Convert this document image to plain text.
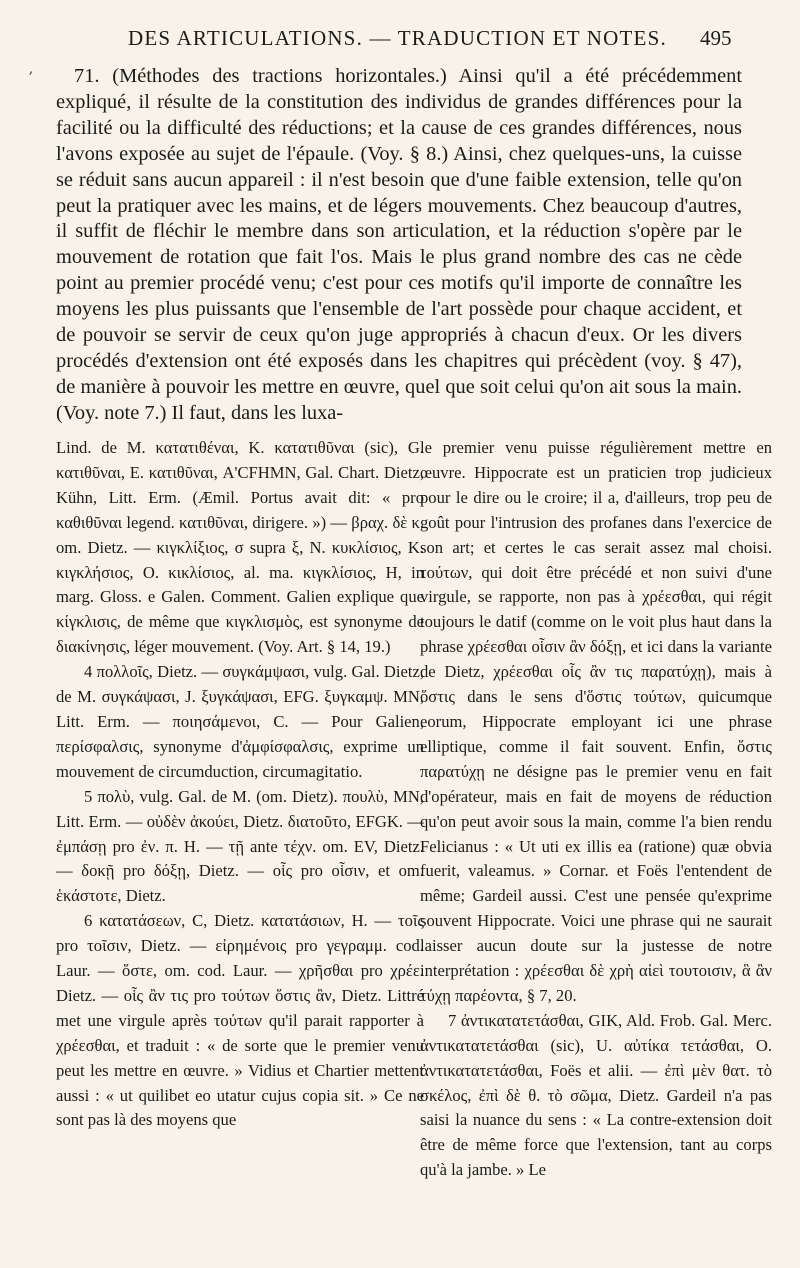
DES ARTICULATIONS. — TRADUCTION ET NOTES. 495
ʼ	71. (Méthodes des tractions horizontales.) Ainsi qu'il a été précédemment expliqué, il résulte de la constitution des individus de grandes différences pour la facilité ou la difficulté des réductions; et la cause de ces grandes différences, nous l'avons exposée au sujet de l'épaule. (Voy. § 8.) Ainsi, chez quelques-uns, la cuisse se réduit sans aucun appareil : il n'est besoin que d'une faible extension, telle qu'on peut la pratiquer avec les mains, et de légers mouvements. Chez beaucoup d'autres, il suffit de fléchir le membre dans son articulation, et la réduction s'opère par le mouvement de rotation que fait l'os. Mais le plus grand nombre des cas ne cède point au premier procédé venu; c'est pour ces motifs qu'il importe de connaître les moyens les plus puissants que l'ensemble de l'art possède pour chaque accident, et de pouvoir se servir de ceux qu'on juge appropriés à chacun d'eux. Or les divers procédés d'extension ont été exposés dans les chapitres qui précèdent (voy. § 47), de manière à pouvoir les mettre en œuvre, quel que soit celui qu'on ait sous la main. (Voy. note 7.) Il faut, dans les luxa-

Lind. de M. κατατιθέναι, K. κατατιθῦναι (sic), G. κατιθῦναι, E. κατιθῦναι, A'CFHMN, Gal. Chart. Dietz, Kühn, Litt. Erm. (Æmil. Portus avait dit: « pro καθιθῦναι legend. κατιθῦναι, dirigere. ») — βραχ. δὲ κ. om. Dietz. — κιγκλίξιος, σ supra ξ, N. κυκλίσιος, K. κιγκλήσιος, O. κικλίσιος, al. ma. κιγκλίσιος, H, in marg. Gloss. e Galen. Comment. Galien explique que κίγκλισις, de même que κιγκλισμὸς, est synonyme de διακίνησις, léger mouvement. (Voy. Art. § 14, 19.)

4 πολλοῖς, Dietz. — συγκάμψασι, vulg. Gal. Dietz, de M. συγκάψασι, J. ξυγκάψασι, EFG. ξυγκαμψ. MN, Litt. Erm. — ποιησάμενοι, C. — Pour Galien, περίσφαλσις, synonyme d'ἀμφίσφαλσις, exprime un mouvement de circumduction, circumagitatio.

5 πολὺ, vulg. Gal. de M. (om. Dietz). πουλὺ, MN, Litt. Erm. — οὐδὲν ἀκούει, Dietz. διατοῦτο, EFGK. — ἐμπάσῃ pro ἐν. π. H. — τῇ ante τέχν. om. EV, Dietz. — δοκῇ pro δόξῃ, Dietz. — οἷς pro οἷσιν, et om. ἑκάστοτε, Dietz.

6 κατατάσεων, C, Dietz. κατατάσιων, H. — τοῖς pro τοῖσιν, Dietz. — εἰρημένοις pro γεγραμμ. cod. Laur. — ὅστε, om. cod. Laur. — χρῆσθαι pro χρέε. Dietz. — οἷς ἂν τις pro τούτων ὅστις ἂν, Dietz. Littré met une virgule après τούτων qu'il parait rapporter à χρέεσθαι, et traduit : « de sorte que le premier venu peut les mettre en œuvre. » Vidius et Chartier mettent aussi : « ut quilibet eo utatur cujus copia sit. » Ce ne sont pas là des moyens que

le premier venu puisse régulièrement mettre en œuvre. Hippocrate est un praticien trop judicieux pour le dire ou le croire; il a, d'ailleurs, trop peu de goût pour l'intrusion des profanes dans l'exercice de son art; et certes le cas serait assez mal choisi. τούτων, qui doit être précédé et non suivi d'une virgule, se rapporte, non pas à χρέεσθαι, qui régit toujours le datif (comme on le voit plus haut dans la phrase χρέεσθαι οἷσιν ἂν δόξῃ, et ici dans la variante de Dietz, χρέεσθαι οἷς ἂν τις παρατύχῃ), mais à ὅστις dans le sens d'ὅστις τούτων, quicumque eorum, Hippocrate employant ici une phrase elliptique, comme il fait souvent. Enfin, ὅστις παρατύχῃ ne désigne pas le premier venu en fait d'opérateur, mais en fait de moyens de réduction qu'on peut avoir sous la main, comme l'a bien rendu Felicianus : « Ut uti ex illis ea (ratione) quæ obvia fuerit, valeamus. » Cornar. et Foës l'entendent de même; Gardeil aussi. C'est une pensée qu'exprime souvent Hippocrate. Voici une phrase qui ne saurait laisser aucun doute sur la justesse de notre interprétation : χρέεσθαι δὲ χρὴ αἰεὶ τουτοισιν, ἃ ἂν τύχῃ παρέοντα, § 7, 20.

7 ἀντικατατετάσθαι, GIK, Ald. Frob. Gal. Merc. ἀντικατατετάσθαι (sic), U. αὐτίκα τετάσθαι, O. ἀντικατατετάσθαι, Foës et alii. — ἐπὶ μὲν θατ. τὸ σκέλος, ἐπὶ δὲ θ. τὸ σῶμα, Dietz. Gardeil n'a pas saisi la nuance du sens : « La contre-extension doit être de même force que l'extension, tant au corps qu'à la jambe. » Le
